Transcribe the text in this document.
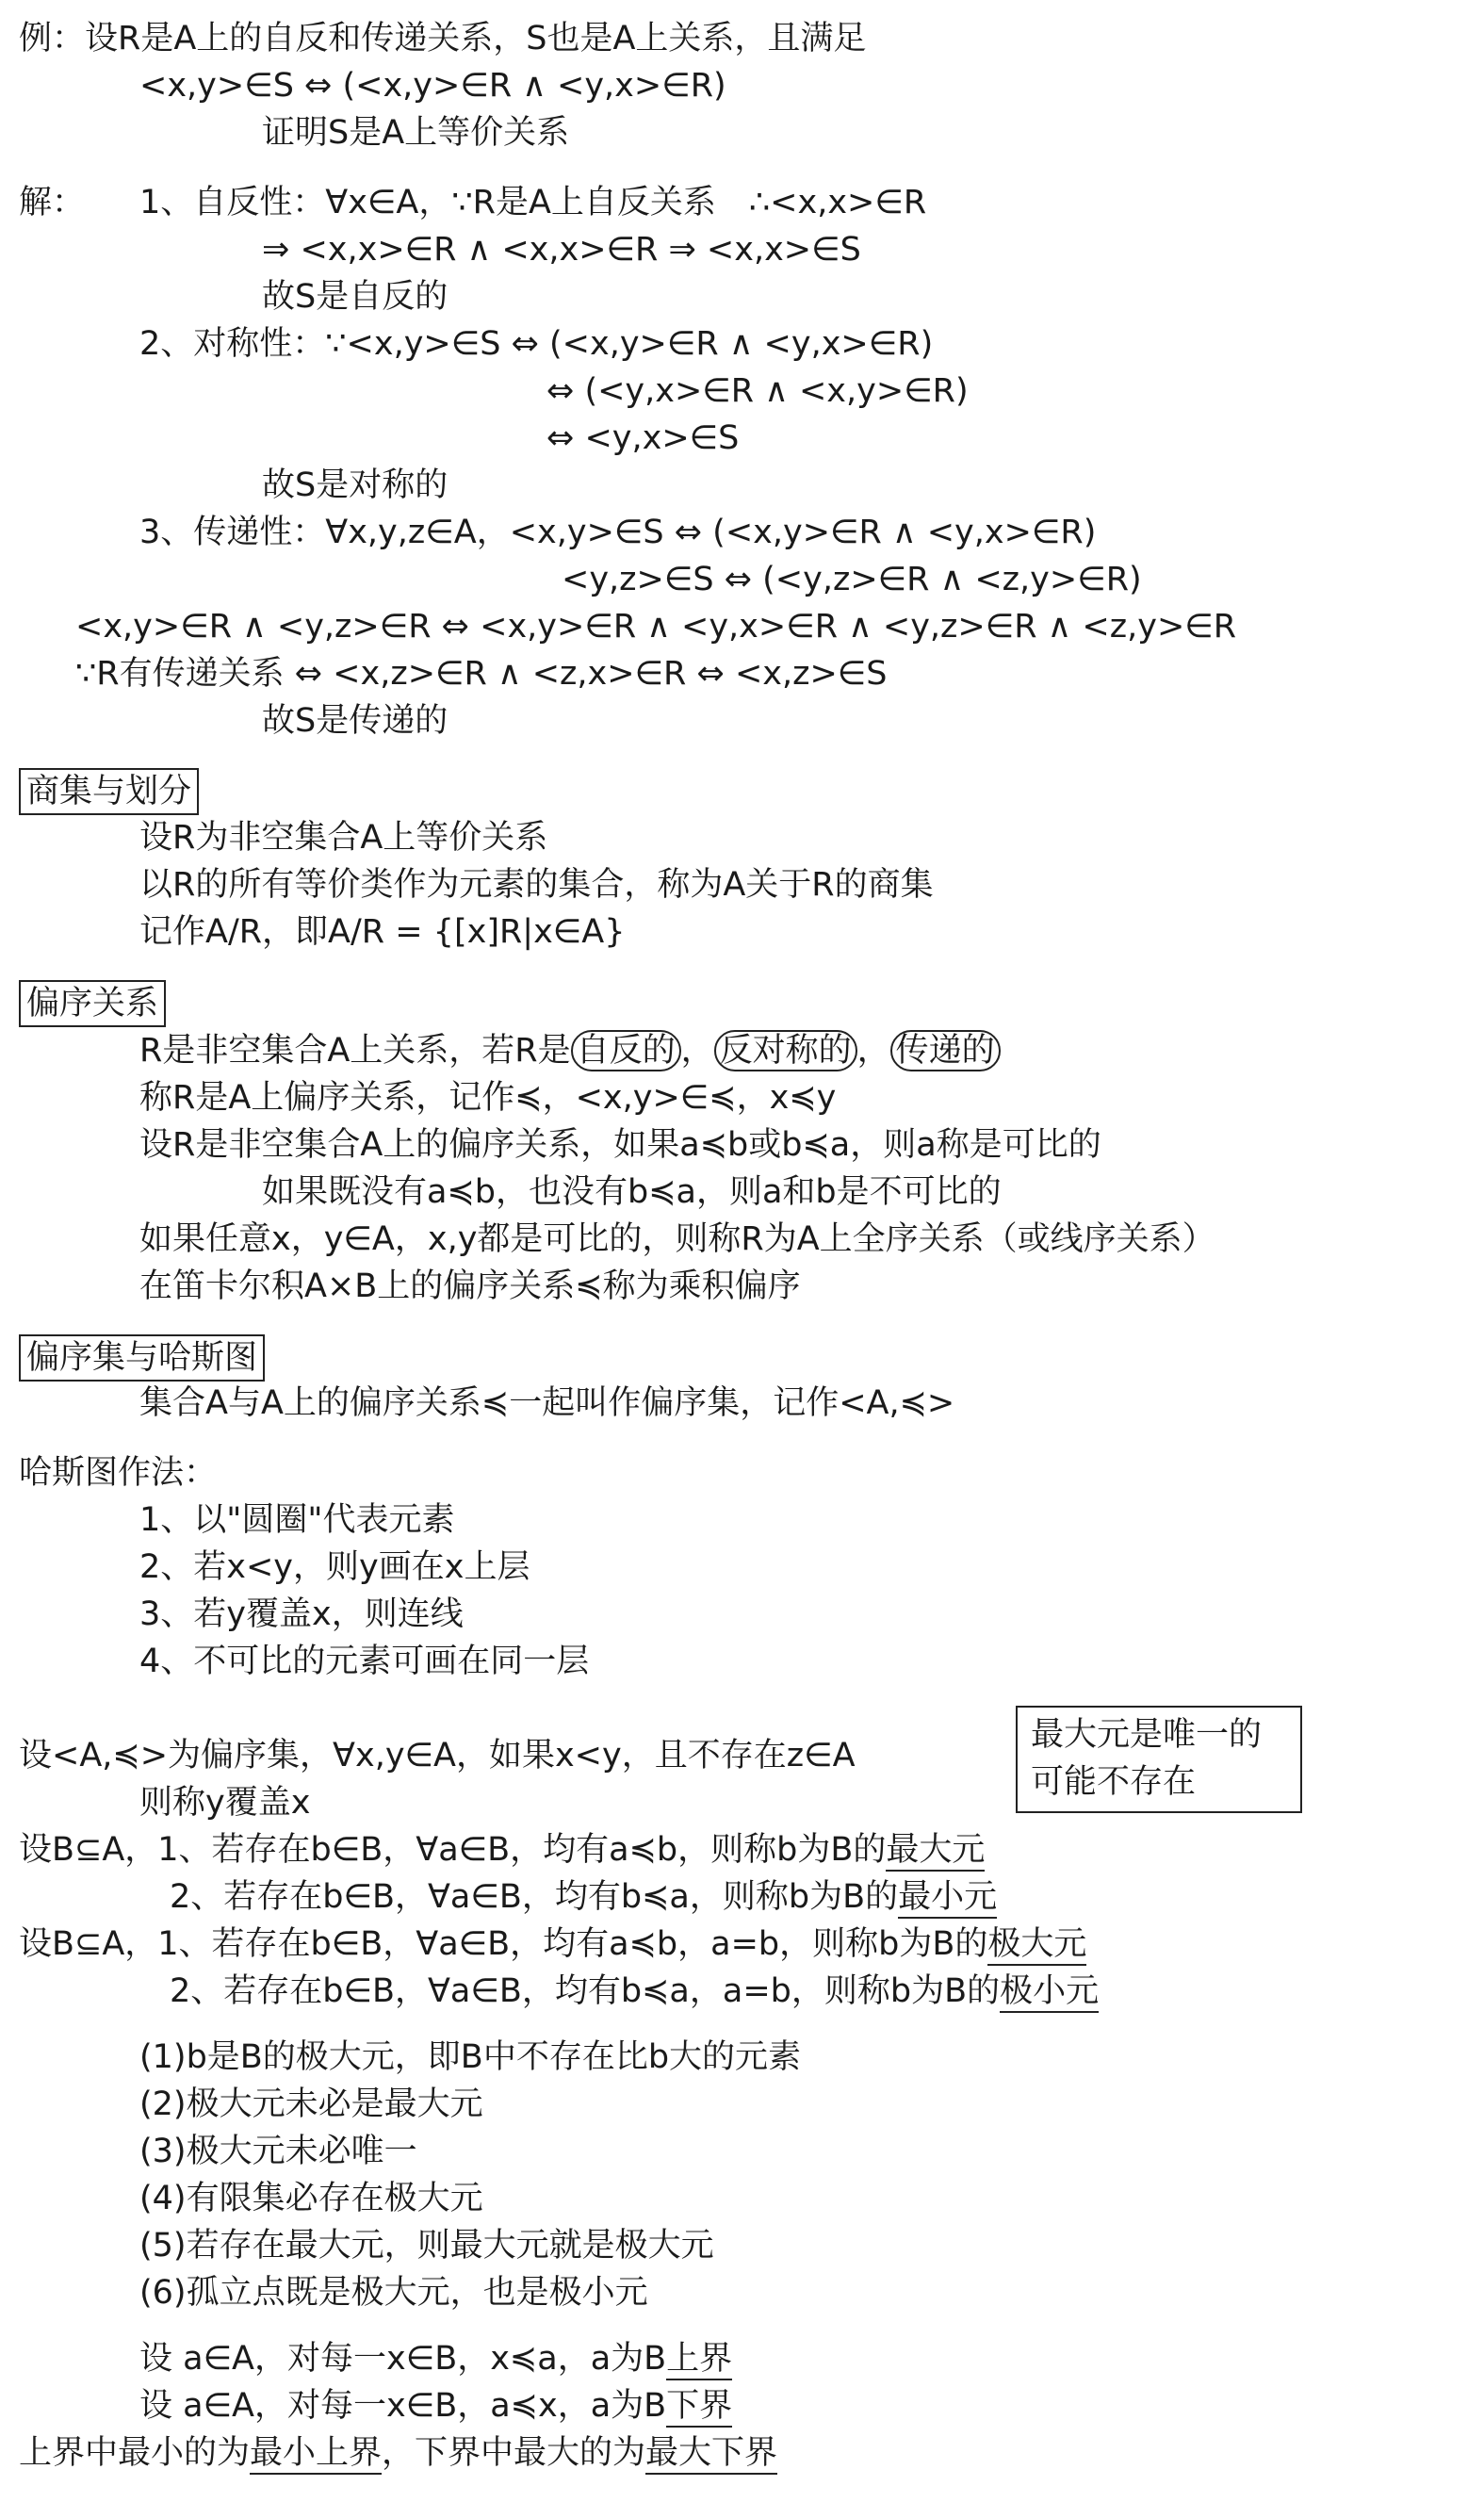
例：设R是A上的自反和传递关系，S也是A上关系，且满足
<x,y>∈S ⇔ (<x,y>∈R ∧ <y,x>∈R)
证明S是A上等价关系
解： 1、自反性：∀x∈A，∵R是A上自反关系　∴<x,x>∈R
⇒ <x,x>∈R ∧ <x,x>∈R ⇒ <x,x>∈S
故S是自反的
2、对称性：∵<x,y>∈S ⇔ (<x,y>∈R ∧ <y,x>∈R)
⇔ (<y,x>∈R ∧ <x,y>∈R)
⇔ <y,x>∈S
故S是对称的
3、传递性：∀x,y,z∈A，<x,y>∈S ⇔ (<x,y>∈R ∧ <y,x>∈R)
<y,z>∈S ⇔ (<y,z>∈R ∧ <z,y>∈R)
<x,y>∈R ∧ <y,z>∈R ⇔ <x,y>∈R ∧ <y,x>∈R ∧ <y,z>∈R ∧ <z,y>∈R
∵R有传递关系 ⇔ <x,z>∈R ∧ <z,x>∈R ⇔ <x,z>∈S
故S是传递的
商集与划分
设R为非空集合A上等价关系
以R的所有等价类作为元素的集合，称为A关于R的商集
记作A/R，即A/R = {[x]R|x∈A}
偏序关系
R是非空集合A上关系，若R是 自反的 ， 反对称的 ， 传递的
称R是A上偏序关系，记作≼，<x,y>∈≼，x≼y
设R是非空集合A上的偏序关系，如果a≼b或b≼a，则a称是可比的
如果既没有a≼b，也没有b≼a，则a和b是不可比的
如果任意x，y∈A，x,y都是可比的，则称R为A上全序关系（或线序关系）
在笛卡尔积A×B上的偏序关系≼称为乘积偏序
偏序集与哈斯图
集合A与A上的偏序关系≼一起叫作偏序集，记作<A,≼>
哈斯图作法：
1、以"圆圈"代表元素
2、若x<y，则y画在x上层
3、若y覆盖x，则连线
4、不可比的元素可画在同一层
设<A,≼>为偏序集，∀x,y∈A，如果x<y，且不存在z∈A
则称y覆盖x
最大元是唯一的
可能不存在
设B⊆A，1、若存在b∈B，∀a∈B，均有a≼b，则称b为B的最大元
2、若存在b∈B，∀a∈B，均有b≼a，则称b为B的最小元
设B⊆A，1、若存在b∈B，∀a∈B，均有a≼b，a=b，则称b为B的极大元
2、若存在b∈B，∀a∈B，均有b≼a，a=b，则称b为B的极小元
(1)b是B的极大元，即B中不存在比b大的元素
(2)极大元未必是最大元
(3)极大元未必唯一
(4)有限集必存在极大元
(5)若存在最大元，则最大元就是极大元
(6)孤立点既是极大元，也是极小元
设 a∈A，对每一x∈B，x≼a，a为B上界
设 a∈A，对每一x∈B，a≼x，a为B下界
上界中最小的为最小上界，下界中最大的为最大下界
